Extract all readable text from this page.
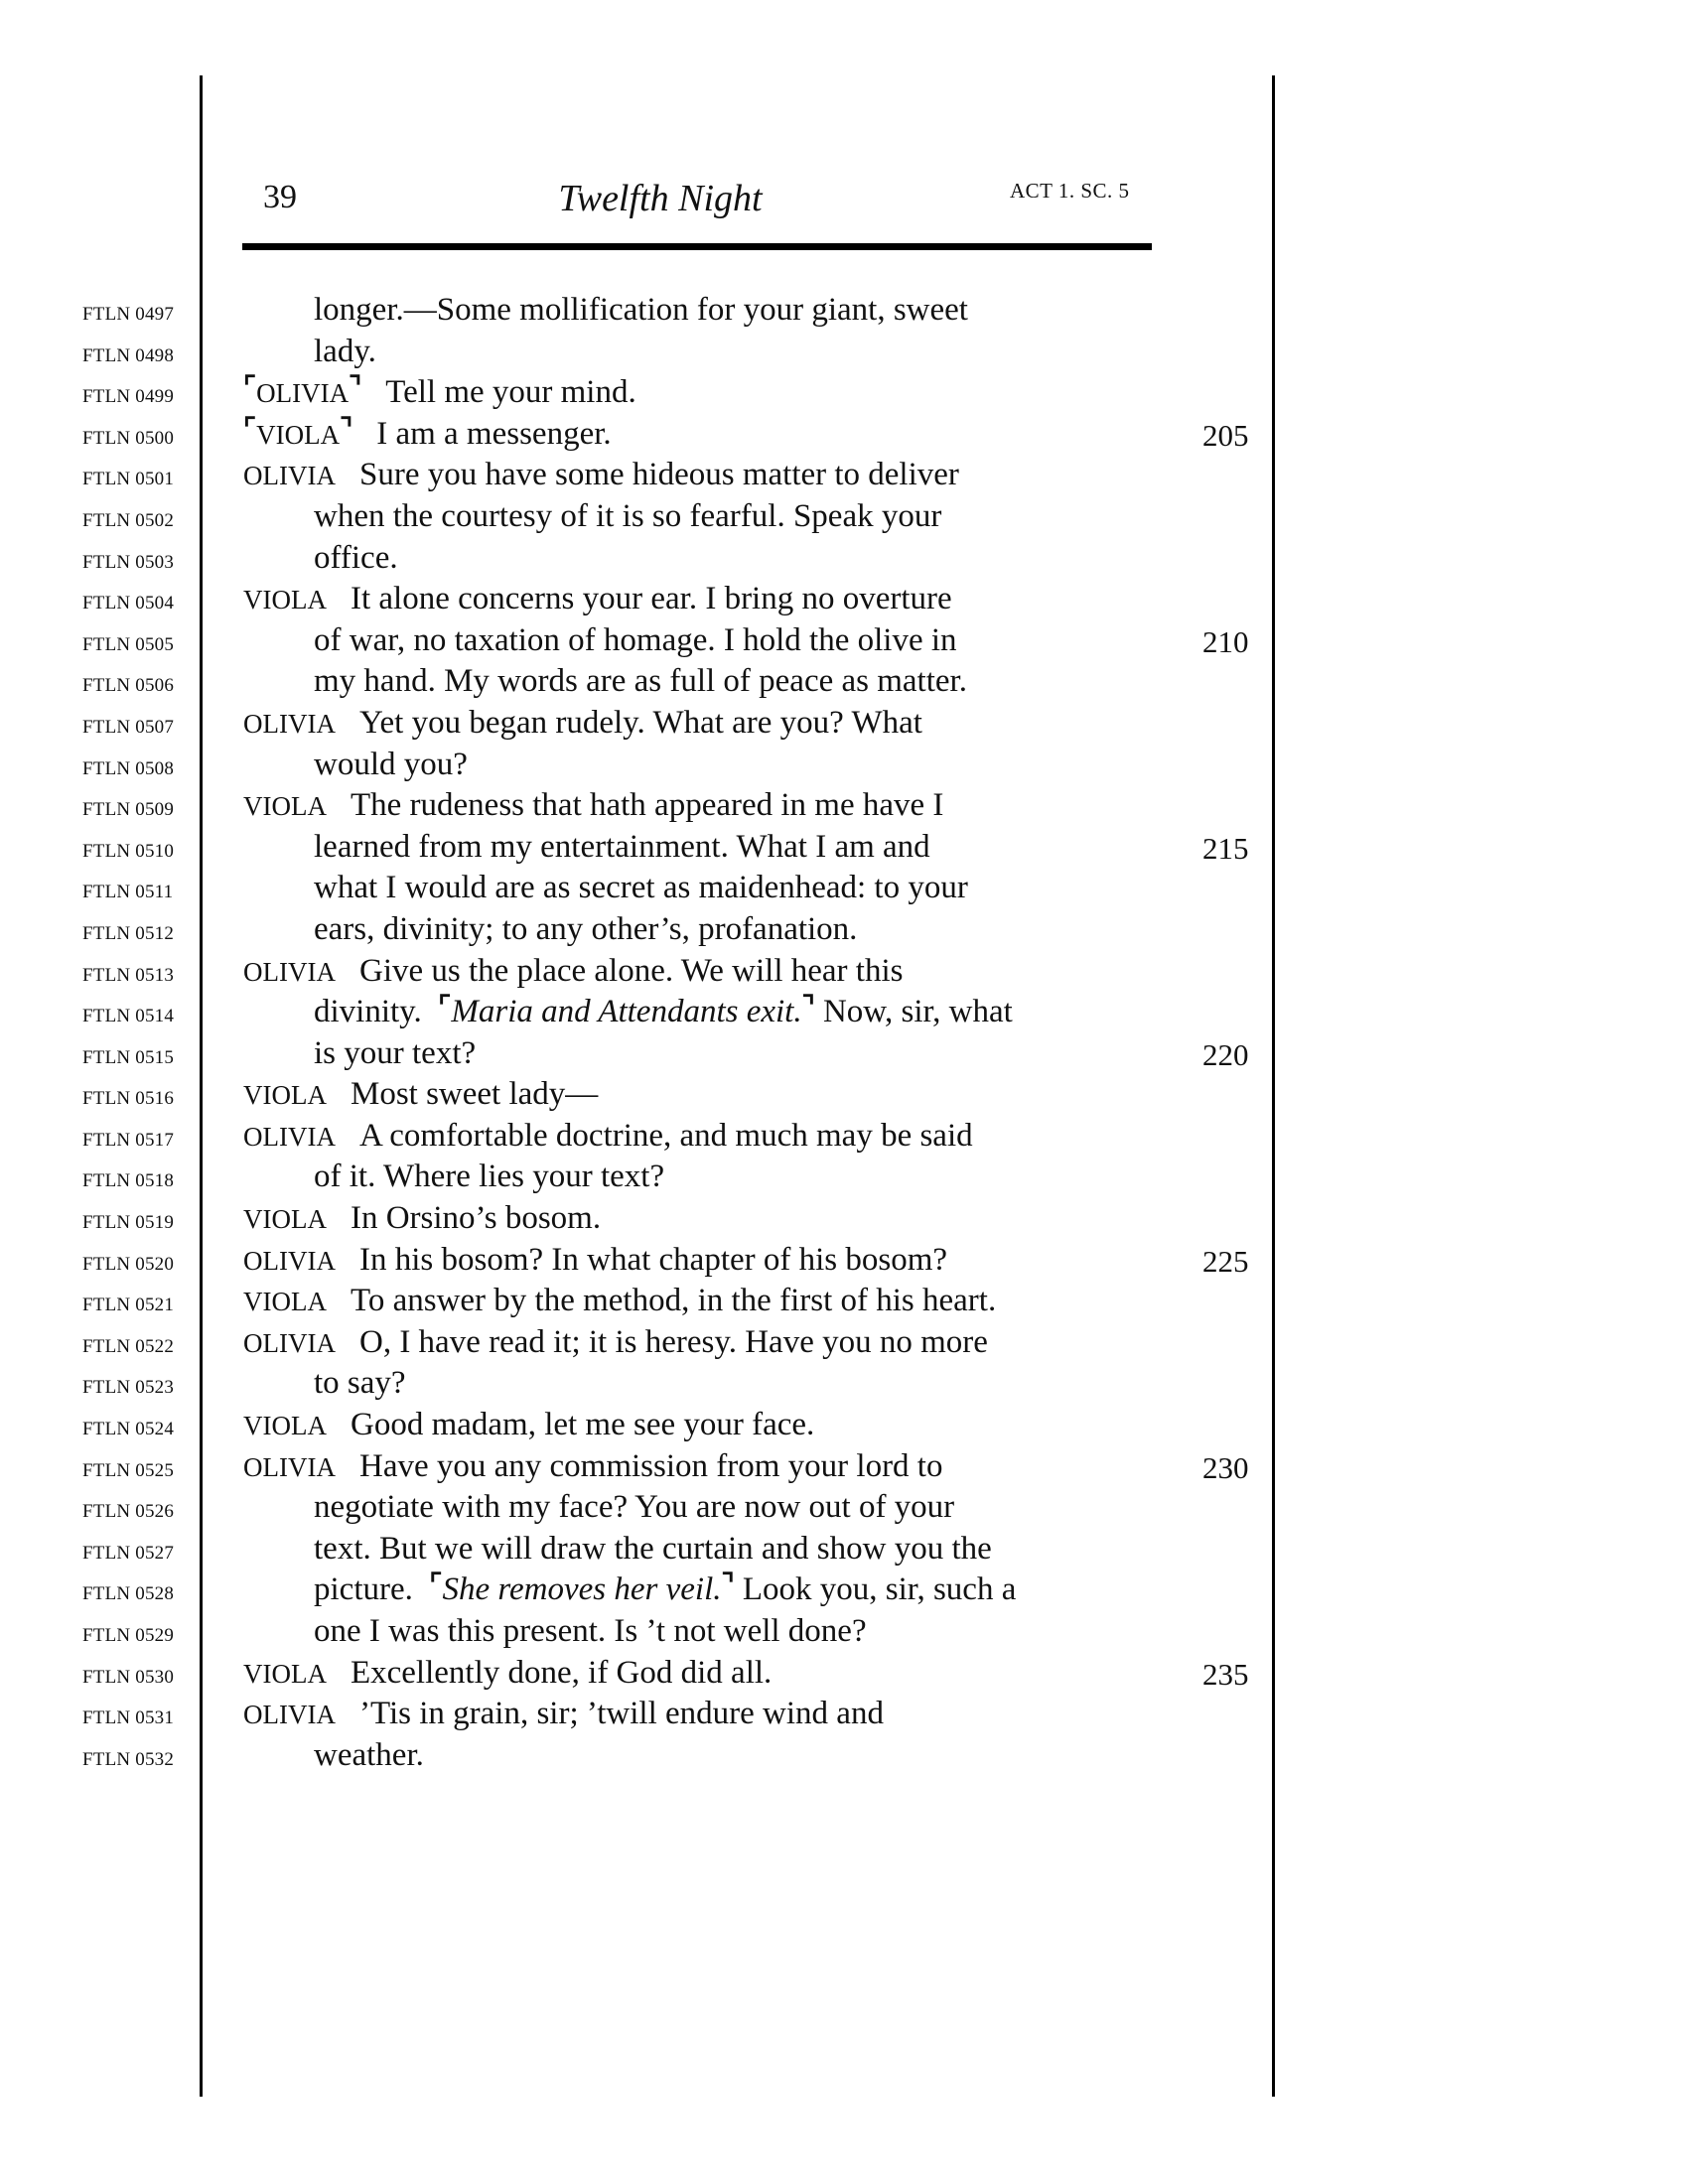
39	Twelfth Night	ACT 1. SC. 5
FTLN 0497	longer.—Some mollification for your giant, sweet
FTLN 0498	lady.
FTLN 0499 ⌜OLIVIA⌝ Tell me your mind.
FTLN 0500 ⌜VIOLA⌝ I am a messenger.	205
FTLN 0501	OLIVIA Sure you have some hideous matter to deliver
FTLN 0502	when the courtesy of it is so fearful. Speak your
FTLN 0503	office.
FTLN 0504	VIOLA It alone concerns your ear. I bring no overture
FTLN 0505	of war, no taxation of homage. I hold the olive in	210
FTLN 0506	my hand. My words are as full of peace as matter.
FTLN 0507	OLIVIA Yet you began rudely. What are you? What
FTLN 0508	would you?
FTLN 0509	VIOLA The rudeness that hath appeared in me have I
FTLN 0510	learned from my entertainment. What I am and	215
FTLN 0511	what I would are as secret as maidenhead: to your
FTLN 0512	ears, divinity; to any other’s, profanation.
FTLN 0513	OLIVIA Give us the place alone. We will hear this
FTLN 0514	divinity.  ⌜Maria and Attendants exit.⌝ Now, sir, what
FTLN 0515	is your text?	220
FTLN 0516	VIOLA Most sweet lady—
FTLN 0517	OLIVIA A comfortable doctrine, and much may be said
FTLN 0518	of it. Where lies your text?
FTLN 0519	VIOLA In Orsino’s bosom.
FTLN 0520	OLIVIA In his bosom? In what chapter of his bosom?	225
FTLN 0521	VIOLA To answer by the method, in the first of his heart.
FTLN 0522	OLIVIA O, I have read it; it is heresy. Have you no more
FTLN 0523	to say?
FTLN 0524	VIOLA Good madam, let me see your face.
FTLN 0525	OLIVIA Have you any commission from your lord to	230
FTLN 0526	negotiate with my face? You are now out of your
FTLN 0527	text. But we will draw the curtain and show you the
FTLN 0528	picture.  ⌜She removes her veil.⌝ Look you, sir, such a
FTLN 0529	one I was this present. Is ’t not well done?
FTLN 0530	VIOLA Excellently done, if God did all.	235
FTLN 0531	OLIVIA ’Tis in grain, sir; ’twill endure wind and
FTLN 0532	weather.
